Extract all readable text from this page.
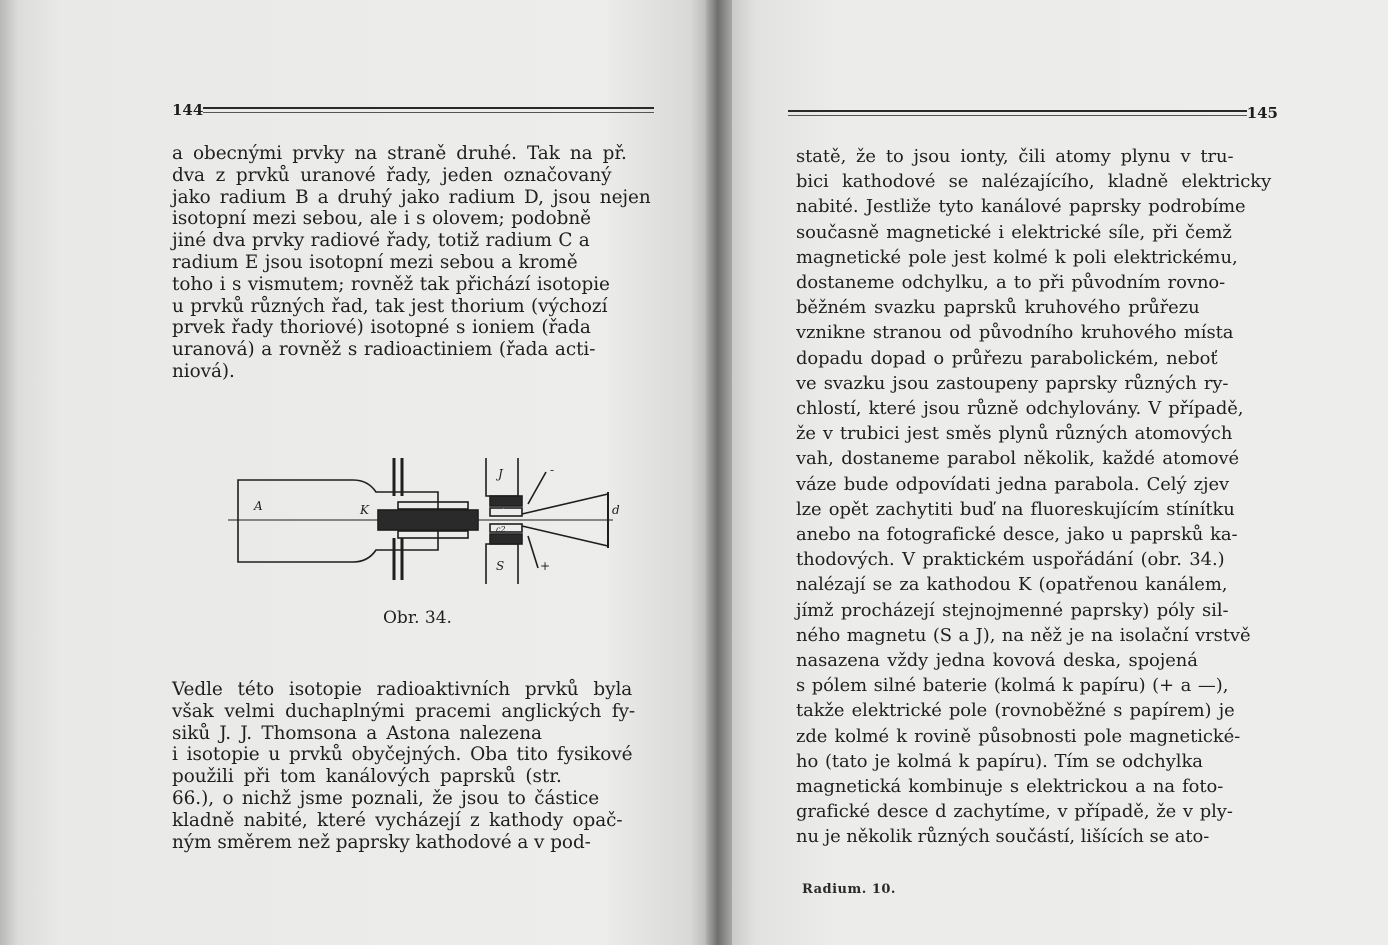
144
a obecnými prvky na straně druhé. Tak na př.
dva z prvků uranové řady, jeden označovaný
jako radium B a druhý jako radium D, jsou nejen
isotopní mezi sebou, ale i s olovem; podobně
jiné dva prvky radiové řady, totiž radium C a
radium E jsou isotopní mezi sebou a kromě
toho i s vismutem; rovněž tak přichází isotopie
u prvků různých řad, tak jest thorium (výchozí
prvek řady thoriové) isotopné s ioniem (řada
uranová) a rovněž s radioactiniem (řada acti-
niová).
A	K
J
S
-
+
d
c1
c2
Obr. 34.
Vedle této isotopie radioaktivních prvků byla
však velmi duchaplnými pracemi anglických fy-
siků J. J. Thomsona a Astona nalezena
i isotopie u prvků obyčejných. Oba tito fysikové
použili při tom kanálových paprsků (str.
66.), o nichž jsme poznali, že jsou to částice
kladně nabité, které vycházejí z kathody opač-
ným směrem než paprsky kathodové a v pod-
145
statě, že to jsou ionty, čili atomy plynu v tru-
bici kathodové se nalézajícího, kladně elektricky
nabité. Jestliže tyto kanálové paprsky podrobíme
současně magnetické i elektrické síle, při čemž
magnetické pole jest kolmé k poli elektrickému,
dostaneme odchylku, a to při původním rovno-
běžném svazku paprsků kruhového průřezu
vznikne stranou od původního kruhového místa
dopadu dopad o průřezu parabolickém, neboť
ve svazku jsou zastoupeny paprsky různých ry-
chlostí, které jsou různě odchylovány. V případě,
že v trubici jest směs plynů různých atomových
vah, dostaneme parabol několik, každé atomové
váze bude odpovídati jedna parabola. Celý zjev
lze opět zachytiti buď na fluoreskujícím stínítku
anebo na fotografické desce, jako u paprsků ka-
thodových. V praktickém uspořádání (obr. 34.)
nalézají se za kathodou K (opatřenou kanálem,
jímž procházejí stejnojmenné paprsky) póly sil-
ného magnetu (S a J), na něž je na isolační vrstvě
nasazena vždy jedna kovová deska, spojená
s pólem silné baterie (kolmá k papíru) (+ a —),
takže elektrické pole (rovnoběžné s papírem) je
zde kolmé k rovině působnosti pole magnetické-
ho (tato je kolmá k papíru). Tím se odchylka
magnetická kombinuje s elektrickou a na foto-
grafické desce d zachytíme, v případě, že v ply-
nu je několik různých součástí, lišících se ato-
Radium. 10.
